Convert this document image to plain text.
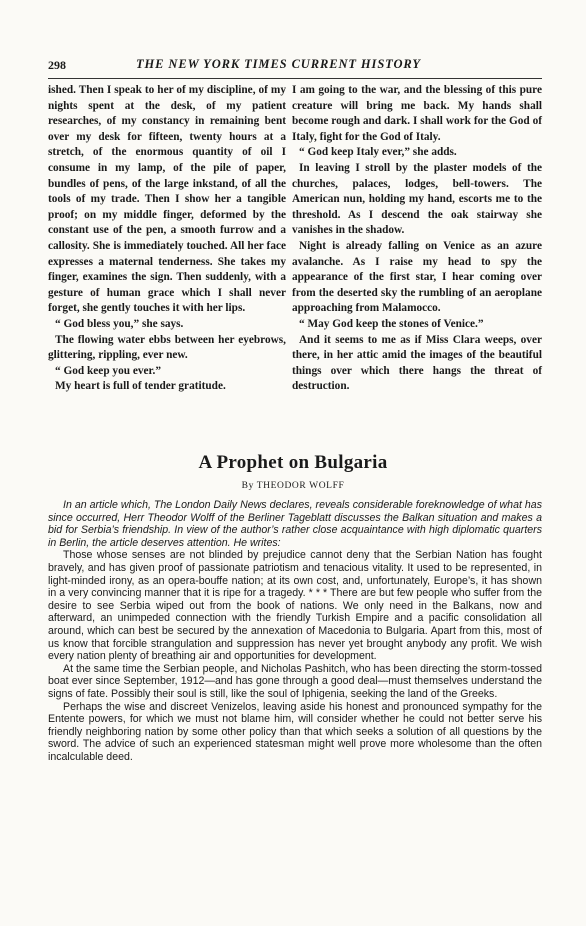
298	THE NEW YORK TIMES CURRENT HISTORY

ished. Then I speak to her of my discipline, of my nights spent at the desk, of my patient researches, of my constancy in remaining bent over my desk for fifteen, twenty hours at a stretch, of the enormous quantity of oil I consume in my lamp, of the pile of paper, bundles of pens, of the large inkstand, of all the tools of my trade. Then I show her a tangible proof; on my middle finger, deformed by the constant use of the pen, a smooth furrow and a callosity. She is immediately touched. All her face expresses a maternal tenderness. She takes my finger, examines the sign. Then suddenly, with a gesture of human grace which I shall never forget, she gently touches it with her lips.

“ God bless you,” she says.

The flowing water ebbs between her eyebrows, glittering, rippling, ever new.

“ God keep you ever.”

My heart is full of tender gratitude.

I am going to the war, and the blessing of this pure creature will bring me back. My hands shall become rough and dark. I shall work for the God of Italy, fight for the God of Italy.

“ God keep Italy ever,” she adds.

In leaving I stroll by the plaster models of the churches, palaces, lodges, bell-towers. The American nun, holding my hand, escorts me to the threshold. As I descend the oak stairway she vanishes in the shadow.

Night is already falling on Venice as an azure avalanche. As I raise my head to spy the appearance of the first star, I hear coming over from the deserted sky the rumbling of an aeroplane approaching from Malamocco.

“ May God keep the stones of Venice.”

And it seems to me as if Miss Clara weeps, over there, in her attic amid the images of the beautiful things over which there hangs the threat of destruction.

A Prophet on Bulgaria
By THEODOR WOLFF

In an article which, The London Daily News declares, reveals considerable foreknowledge of what has since occurred, Herr Theodor Wolff of the Berliner Tageblatt discusses the Balkan situation and makes a bid for Serbia’s friendship. In view of the author’s rather close acquaintance with high diplomatic quarters in Berlin, the article deserves attention. He writes:

Those whose senses are not blinded by prejudice cannot deny that the Serbian Nation has fought bravely, and has given proof of passionate patriotism and tenacious vitality. It used to be represented, in light-minded irony, as an opera-bouffe nation; at its own cost, and, unfortunately, Europe’s, it has shown in a very convincing manner that it is ripe for a tragedy. * * * There are but few people who suffer from the desire to see Serbia wiped out from the book of nations. We only need in the Balkans, now and afterward, an unimpeded connection with the friendly Turkish Empire and a pacific consolidation all around, which can best be secured by the annexation of Macedonia to Bulgaria. Apart from this, most of us know that forcible strangulation and suppression has never yet brought anybody any profit. We wish every nation plenty of breathing air and opportunities for development.

At the same time the Serbian people, and Nicholas Pashitch, who has been directing the storm-tossed boat ever since September, 1912—and has gone through a good deal—must themselves understand the signs of fate. Possibly their soul is still, like the soul of Iphigenia, seeking the land of the Greeks.

Perhaps the wise and discreet Venizelos, leaving aside his honest and pronounced sympathy for the Entente powers, for which we must not blame him, will consider whether he could not better serve his friendly neighboring nation by some other policy than that which seeks a solution of all questions by the sword. The advice of such an experienced statesman might well prove more wholesome than the often incalculable deed.
